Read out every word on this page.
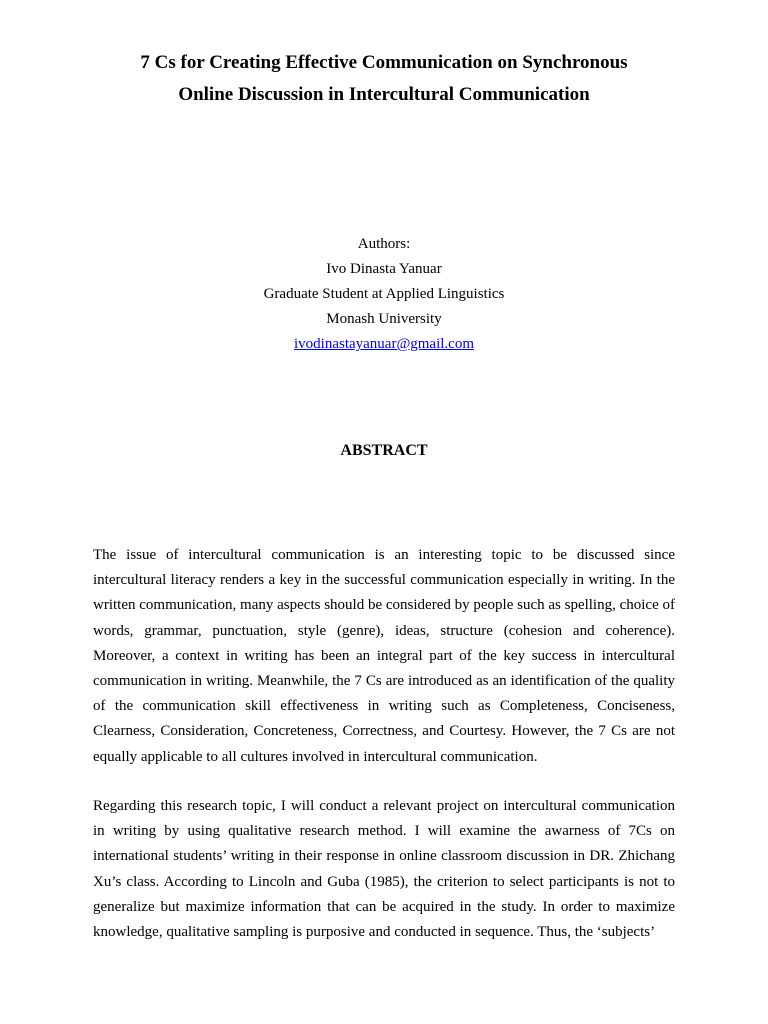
7 Cs for Creating Effective Communication on Synchronous
Online Discussion in Intercultural Communication
Authors:
Ivo Dinasta Yanuar
Graduate Student at Applied Linguistics
Monash University
ivodinastayanuar@gmail.com
ABSTRACT

The issue of intercultural communication is an interesting topic to be discussed since intercultural literacy renders a key in the successful communication especially in writing. In the written communication, many aspects should be considered by people such as spelling, choice of words, grammar, punctuation, style (genre), ideas, structure (cohesion and coherence). Moreover, a context in writing has been an integral part of the key success in intercultural communication in writing. Meanwhile, the 7 Cs are introduced as an identification of the quality of the communication skill effectiveness in writing such as Completeness, Conciseness, Clearness, Consideration, Concreteness, Correctness, and Courtesy. However, the 7 Cs are not equally applicable to all cultures involved in intercultural communication.

Regarding this research topic, I will conduct a relevant project on intercultural communication in writing by using qualitative research method. I will examine the awarness of 7Cs on international students’ writing in their response in online classroom discussion in DR. Zhichang Xu’s class. According to Lincoln and Guba (1985), the criterion to select participants is not to generalize but maximize information that can be acquired in the study. In order to maximize knowledge, qualitative sampling is purposive and conducted in sequence. Thus, the ‘subjects’
